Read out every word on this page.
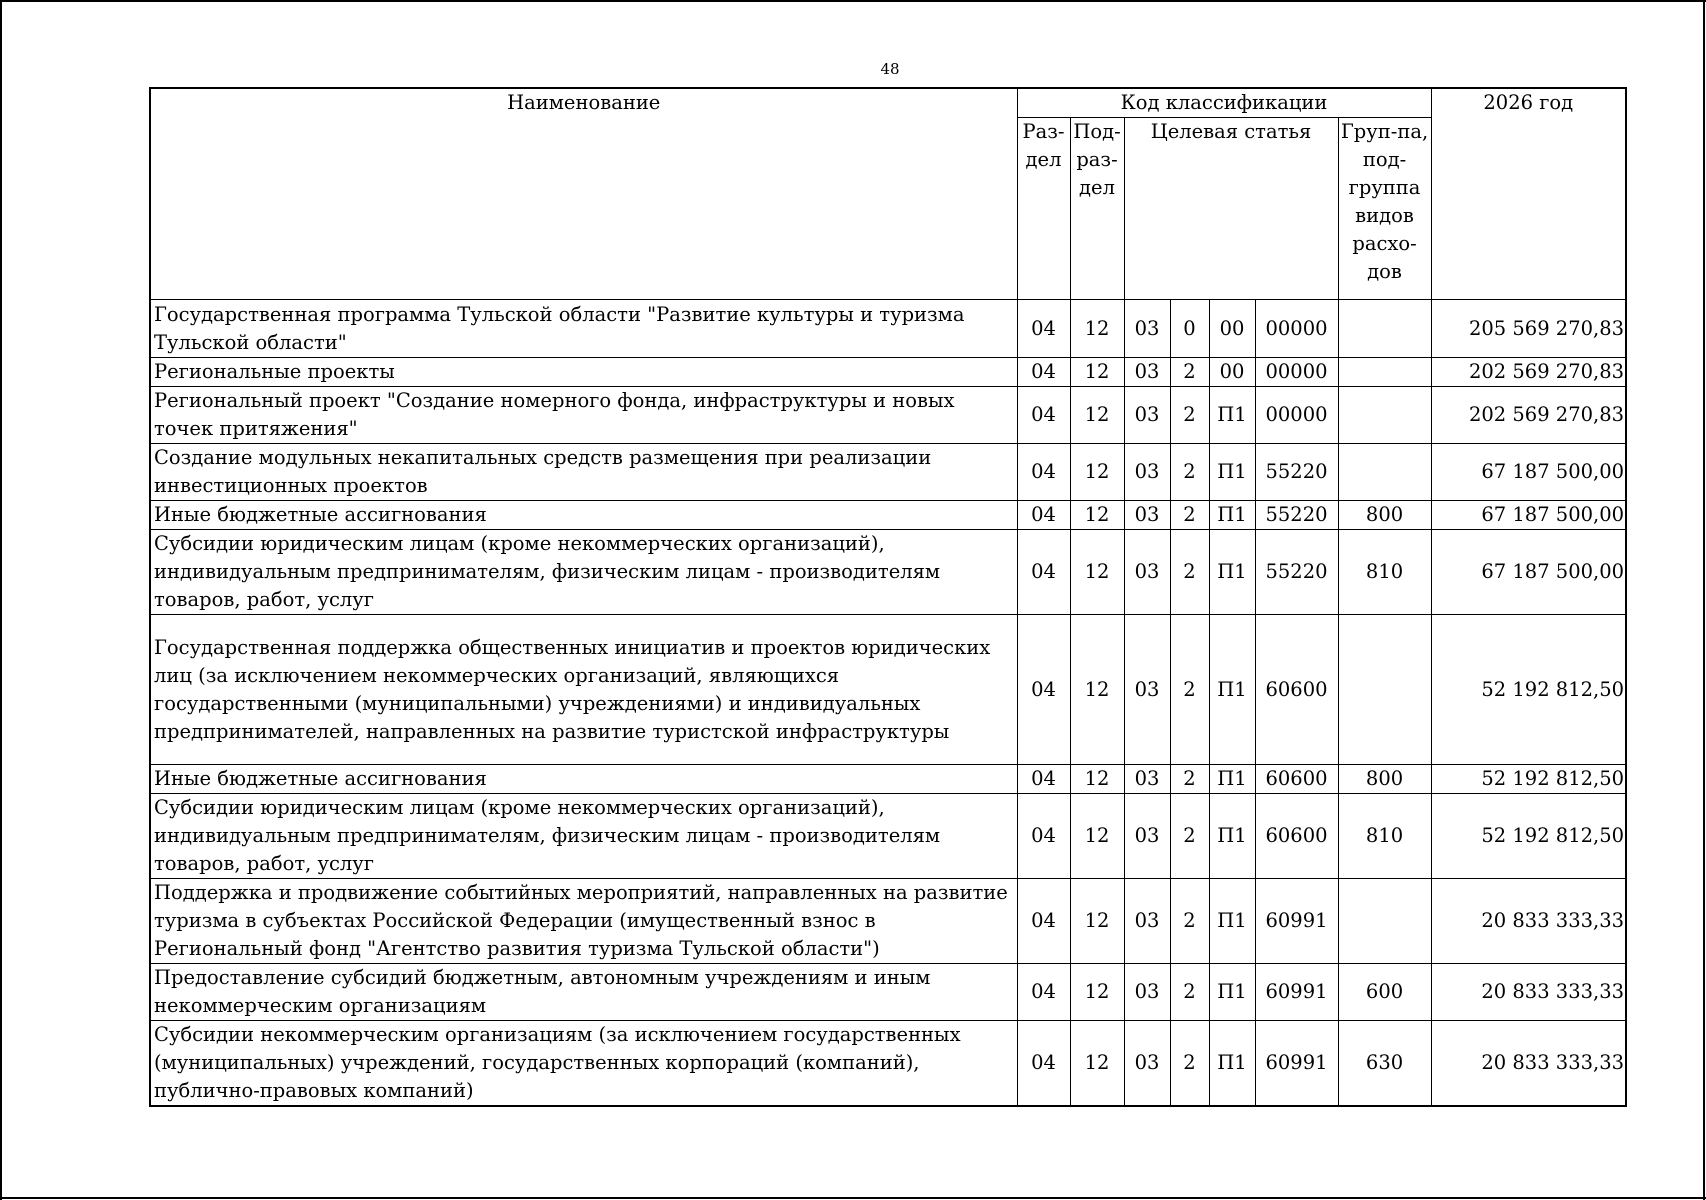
48
Наименование	Код классификации							2026 год
	Раз-дел	Под-раз-дел	Целевая статья				Груп-па, под-группа видов расхо-дов	
Государственная программа Тульской области "Развитие культуры и туризма Тульской области"	04	12	03	0	00	00000		205 569 270,83
Региональные проекты	04	12	03	2	00	00000		202 569 270,83
Региональный проект "Создание номерного фонда, инфраструктуры и новых точек притяжения"	04	12	03	2	П1	00000		202 569 270,83
Создание модульных некапитальных средств размещения при реализации инвестиционных проектов	04	12	03	2	П1	55220		67 187 500,00
Иные бюджетные ассигнования	04	12	03	2	П1	55220	800	67 187 500,00
Субсидии юридическим лицам (кроме некоммерческих организаций), индивидуальным предпринимателям, физическим лицам - производителям товаров, работ, услуг	04	12	03	2	П1	55220	810	67 187 500,00
Государственная поддержка общественных инициатив и проектов юридических лиц (за исключением некоммерческих организаций, являющихся государственными (муниципальными) учреждениями) и индивидуальных предпринимателей, направленных на развитие туристской инфраструктуры	04	12	03	2	П1	60600		52 192 812,50
Иные бюджетные ассигнования	04	12	03	2	П1	60600	800	52 192 812,50
Субсидии юридическим лицам (кроме некоммерческих организаций), индивидуальным предпринимателям, физическим лицам - производителям товаров, работ, услуг	04	12	03	2	П1	60600	810	52 192 812,50
Поддержка и продвижение событийных мероприятий, направленных на развитие туризма в субъектах Российской Федерации (имущественный взнос в Региональный фонд "Агентство развития туризма Тульской области")	04	12	03	2	П1	60991		20 833 333,33
Предоставление субсидий бюджетным, автономным учреждениям и иным некоммерческим организациям	04	12	03	2	П1	60991	600	20 833 333,33
Субсидии некоммерческим организациям (за исключением государственных (муниципальных) учреждений, государственных корпораций (компаний), публично-правовых компаний)	04	12	03	2	П1	60991	630	20 833 333,33
